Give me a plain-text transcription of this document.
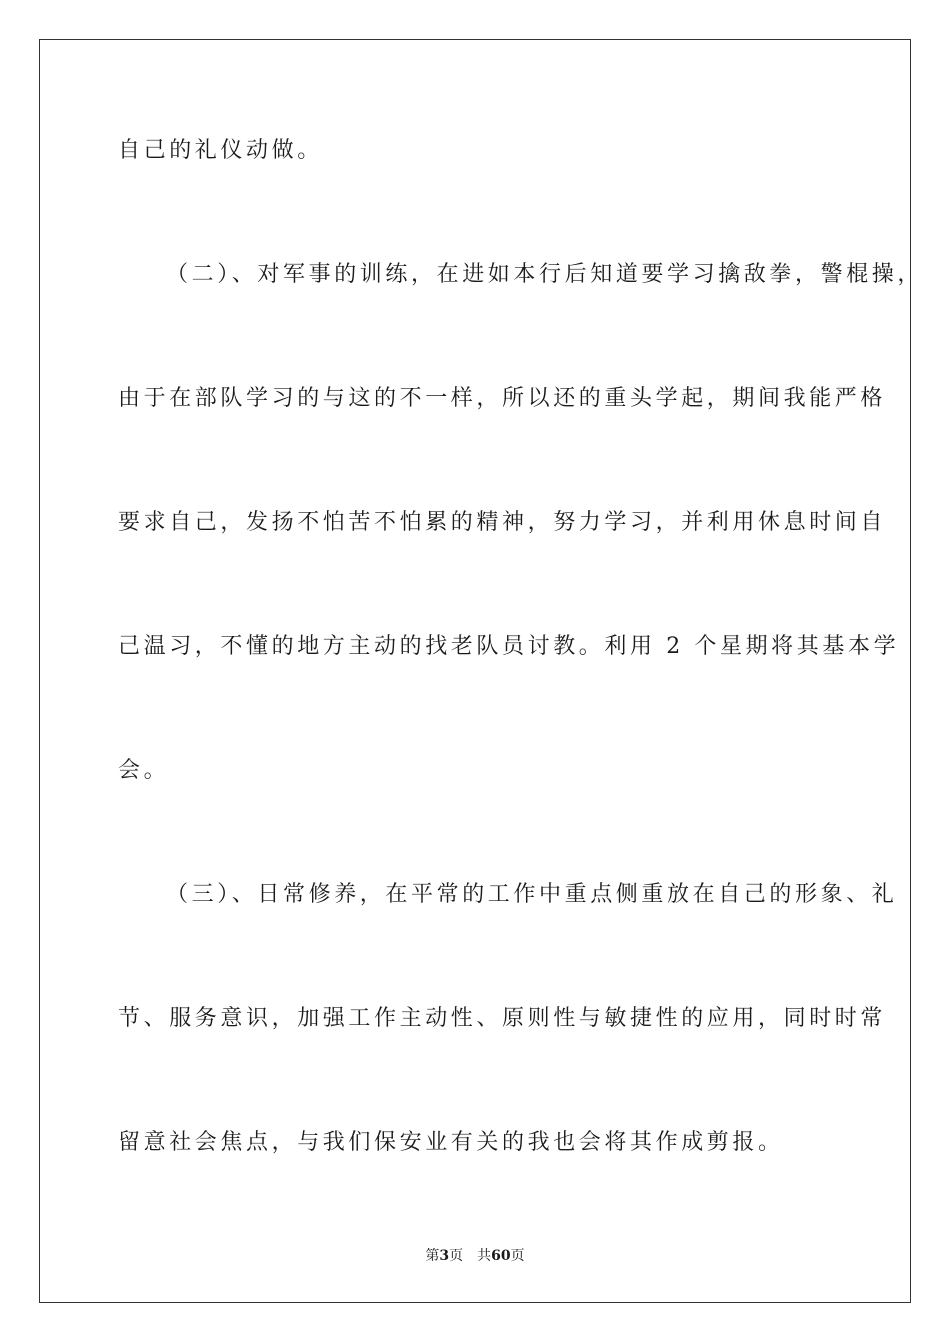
自己的礼仪动做。
（二）、对军事的训练，在进如本行后知道要学习擒敌拳，警棍操，
由于在部队学习的与这的不一样，所以还的重头学起，期间我能严格
要求自己，发扬不怕苦不怕累的精神，努力学习，并利用休息时间自
己温习，不懂的地方主动的找老队员讨教。利用 2 个星期将其基本学
会。
（三）、日常修养，在平常的工作中重点侧重放在自己的形象、礼
节、服务意识，加强工作主动性、原则性与敏捷性的应用，同时时常
留意社会焦点，与我们保安业有关的我也会将其作成剪报。
第3页 共60页
